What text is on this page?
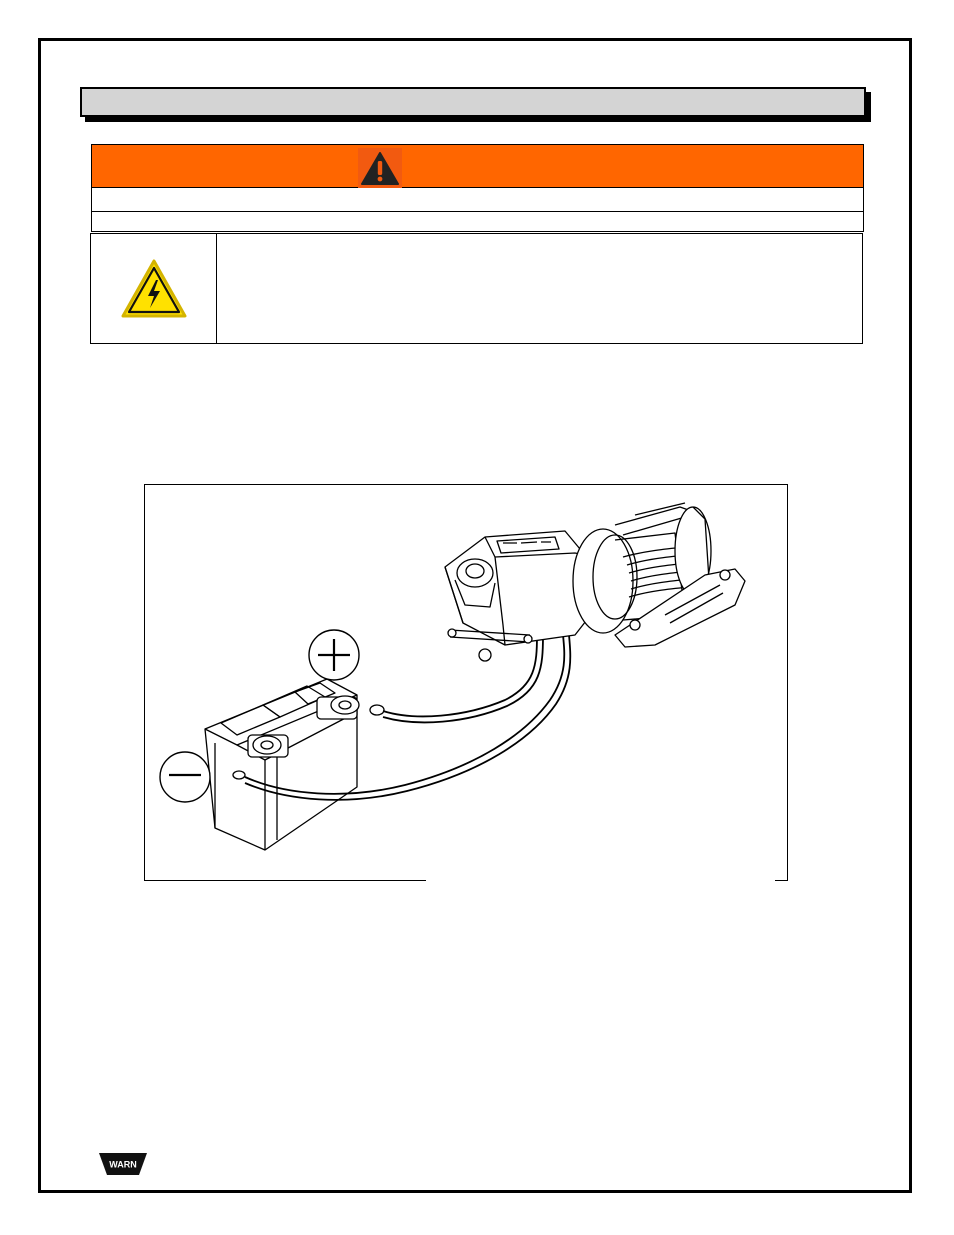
WARN
